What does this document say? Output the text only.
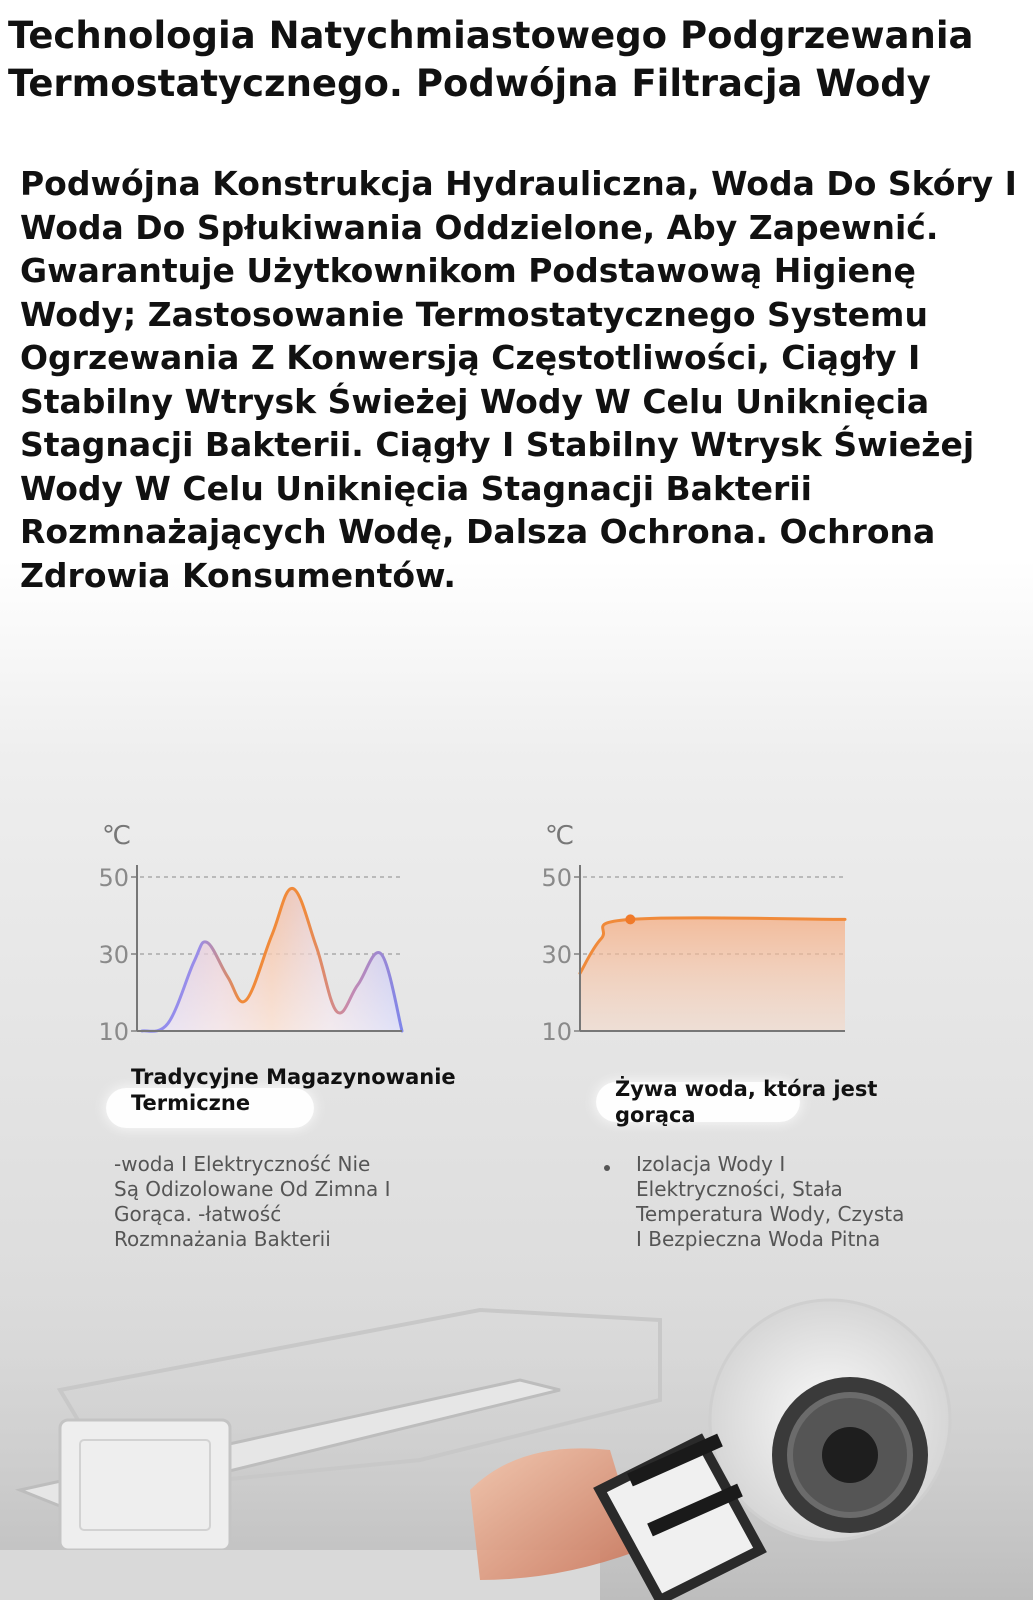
Technologia Natychmiastowego Podgrzewania
Termostatycznego. Podwójna Filtracja Wody
Podwójna Konstrukcja Hydrauliczna, Woda Do Skóry I
Woda Do Spłukiwania Oddzielone, Aby Zapewnić.
Gwarantuje Użytkownikom Podstawową Higienę
Wody; Zastosowanie Termostatycznego Systemu
Ogrzewania Z Konwersją Częstotliwości, Ciągły I
Stabilny Wtrysk Świeżej Wody W Celu Uniknięcia
Stagnacji Bakterii. Ciągły I Stabilny Wtrysk Świeżej
Wody W Celu Uniknięcia Stagnacji Bakterii
Rozmnażających Wodę, Dalsza Ochrona. Ochrona
Zdrowia Konsumentów.
℃
50
30
10
℃
50
30
10
Tradycyjne Magazynowanie
Termiczne
-woda I Elektryczność Nie
Są Odizolowane Od Zimna I
Gorąca. -łatwość
Rozmnażania Bakterii
Żywa woda, która jest
gorąca
Izolacja Wody I
Elektryczności, Stała
Temperatura Wody, Czysta
I Bezpieczna Woda Pitna
